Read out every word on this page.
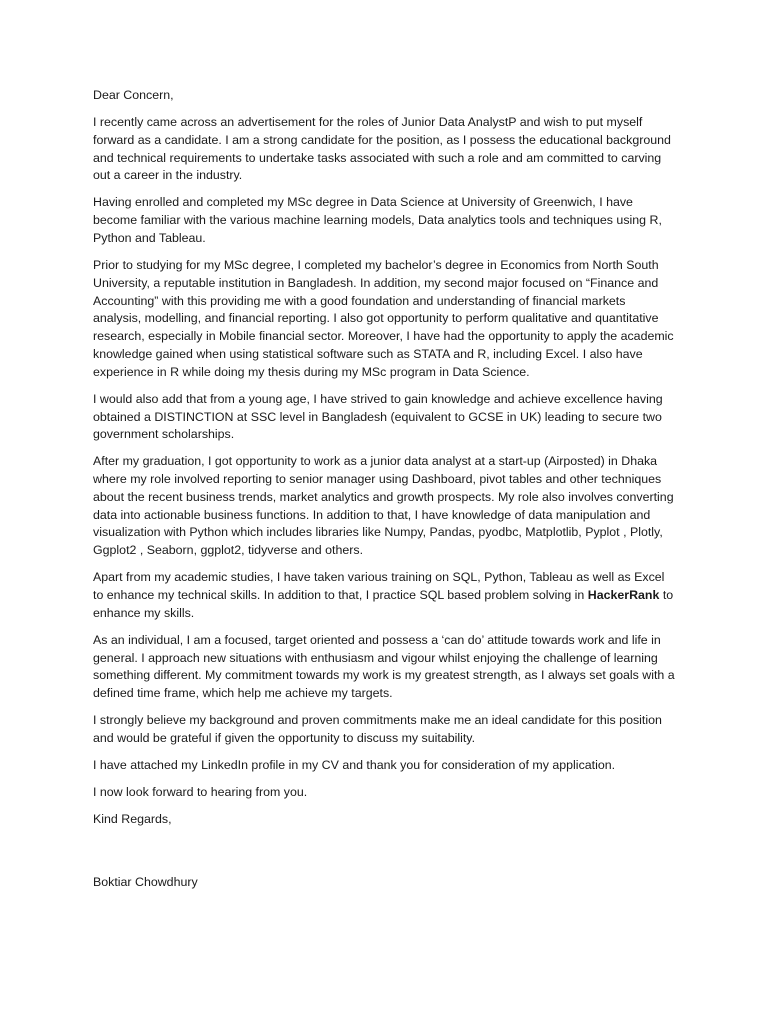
Dear Concern,

I recently came across an advertisement for the roles of Junior Data AnalystP and wish to put myself forward as a candidate. I am a strong candidate for the position, as I possess the educational background and technical requirements to undertake tasks associated with such a role and am committed to carving out a career in the industry.

Having enrolled and completed my MSc degree in Data Science at University of Greenwich, I have become familiar with the various machine learning models, Data analytics tools and techniques using R, Python and Tableau.

Prior to studying for my MSc degree, I completed my bachelor’s degree in Economics from North South University, a reputable institution in Bangladesh. In addition, my second major focused on “Finance and Accounting” with this providing me with a good foundation and understanding of financial markets analysis, modelling, and financial reporting. I also got opportunity to perform qualitative and quantitative research, especially in Mobile financial sector. Moreover, I have had the opportunity to apply the academic knowledge gained when using statistical software such as STATA and R, including Excel. I also have experience in R while doing my thesis during my MSc program in Data Science.

I would also add that from a young age, I have strived to gain knowledge and achieve excellence having obtained a DISTINCTION at SSC level in Bangladesh (equivalent to GCSE in UK) leading to secure two government scholarships.

After my graduation, I got opportunity to work as a junior data analyst at a start-up (Airposted) in Dhaka where my role involved reporting to senior manager using Dashboard, pivot tables and other techniques about the recent business trends, market analytics and growth prospects. My role also involves converting data into actionable business functions. In addition to that, I have knowledge of data manipulation and visualization with Python which includes libraries like Numpy, Pandas, pyodbc, Matplotlib, Pyplot , Plotly, Ggplot2 , Seaborn, ggplot2, tidyverse and others.

Apart from my academic studies, I have taken various training on SQL, Python, Tableau as well as Excel to enhance my technical skills. In addition to that, I practice SQL based problem solving in HackerRank to enhance my skills.

As an individual, I am a focused, target oriented and possess a ‘can do’ attitude towards work and life in general. I approach new situations with enthusiasm and vigour whilst enjoying the challenge of learning something different. My commitment towards my work is my greatest strength, as I always set goals with a defined time frame, which help me achieve my targets.

I strongly believe my background and proven commitments make me an ideal candidate for this position and would be grateful if given the opportunity to discuss my suitability.

I have attached my LinkedIn profile in my CV and thank you for consideration of my application.

I now look forward to hearing from you.

Kind Regards,

Boktiar Chowdhury
